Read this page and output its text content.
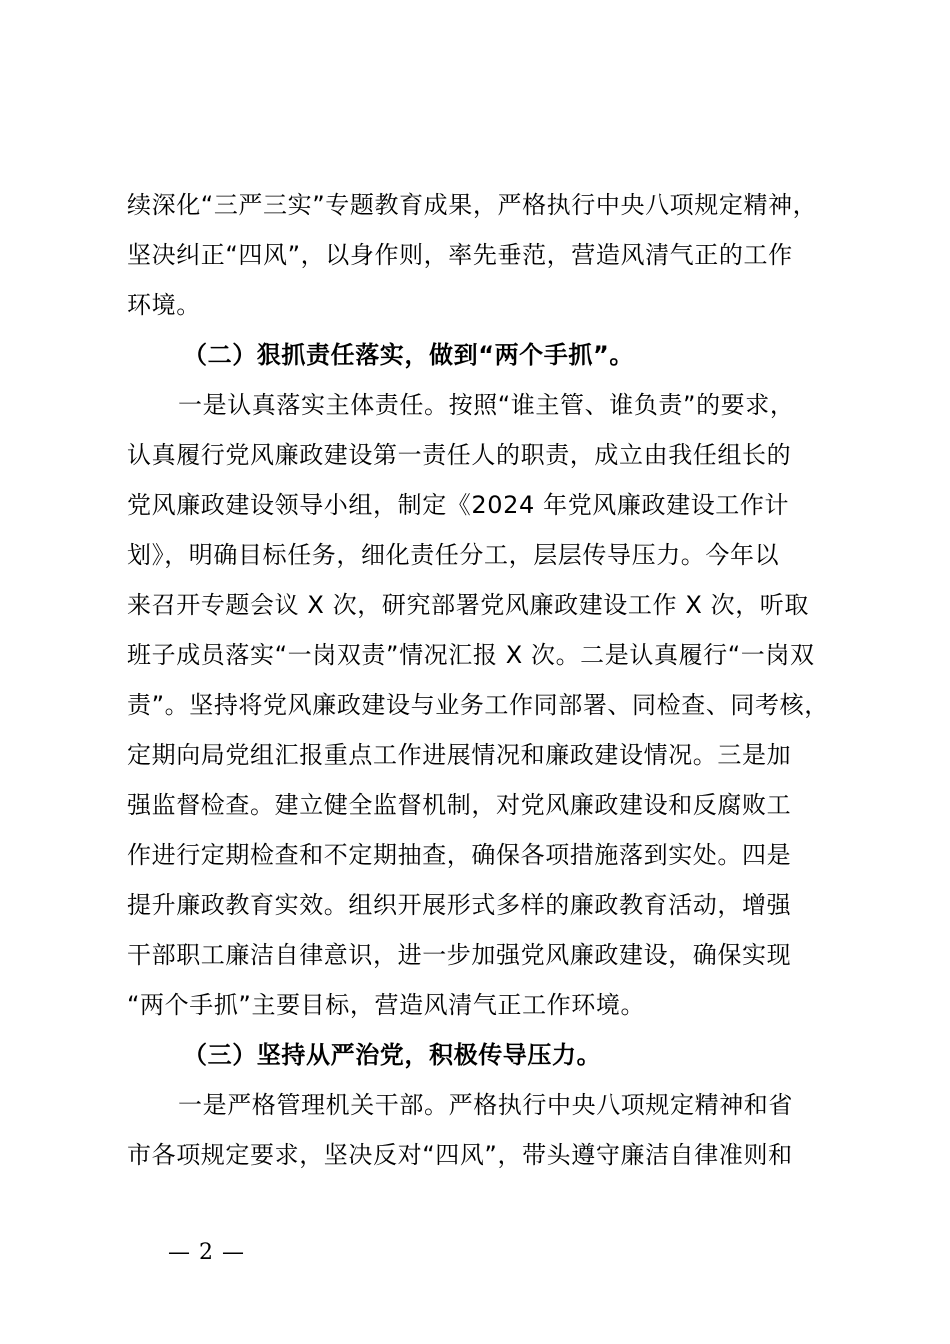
续深化“三严三实”专题教育成果，严格执行中央八项规定精神，
坚决纠正“四风”，以身作则，率先垂范，营造风清气正的工作
环境。
（二）狠抓责任落实，做到“两个手抓”。
一是认真落实主体责任。按照“谁主管、谁负责”的要求，
认真履行党风廉政建设第一责任人的职责，成立由我任组长的
党风廉政建设领导小组，制定《2024 年党风廉政建设工作计
划》，明确目标任务，细化责任分工，层层传导压力。今年以
来召开专题会议 X 次，研究部署党风廉政建设工作 X 次，听取
班子成员落实“一岗双责”情况汇报 X 次。二是认真履行“一岗双
责”。坚持将党风廉政建设与业务工作同部署、同检查、同考核，
定期向局党组汇报重点工作进展情况和廉政建设情况。三是加
强监督检查。建立健全监督机制，对党风廉政建设和反腐败工
作进行定期检查和不定期抽查，确保各项措施落到实处。四是
提升廉政教育实效。组织开展形式多样的廉政教育活动，增强
干部职工廉洁自律意识，进一步加强党风廉政建设，确保实现
“两个手抓”主要目标，营造风清气正工作环境。
（三）坚持从严治党，积极传导压力。
一是严格管理机关干部。严格执行中央八项规定精神和省
市各项规定要求，坚决反对“四风”，带头遵守廉洁自律准则和
— 2 —
